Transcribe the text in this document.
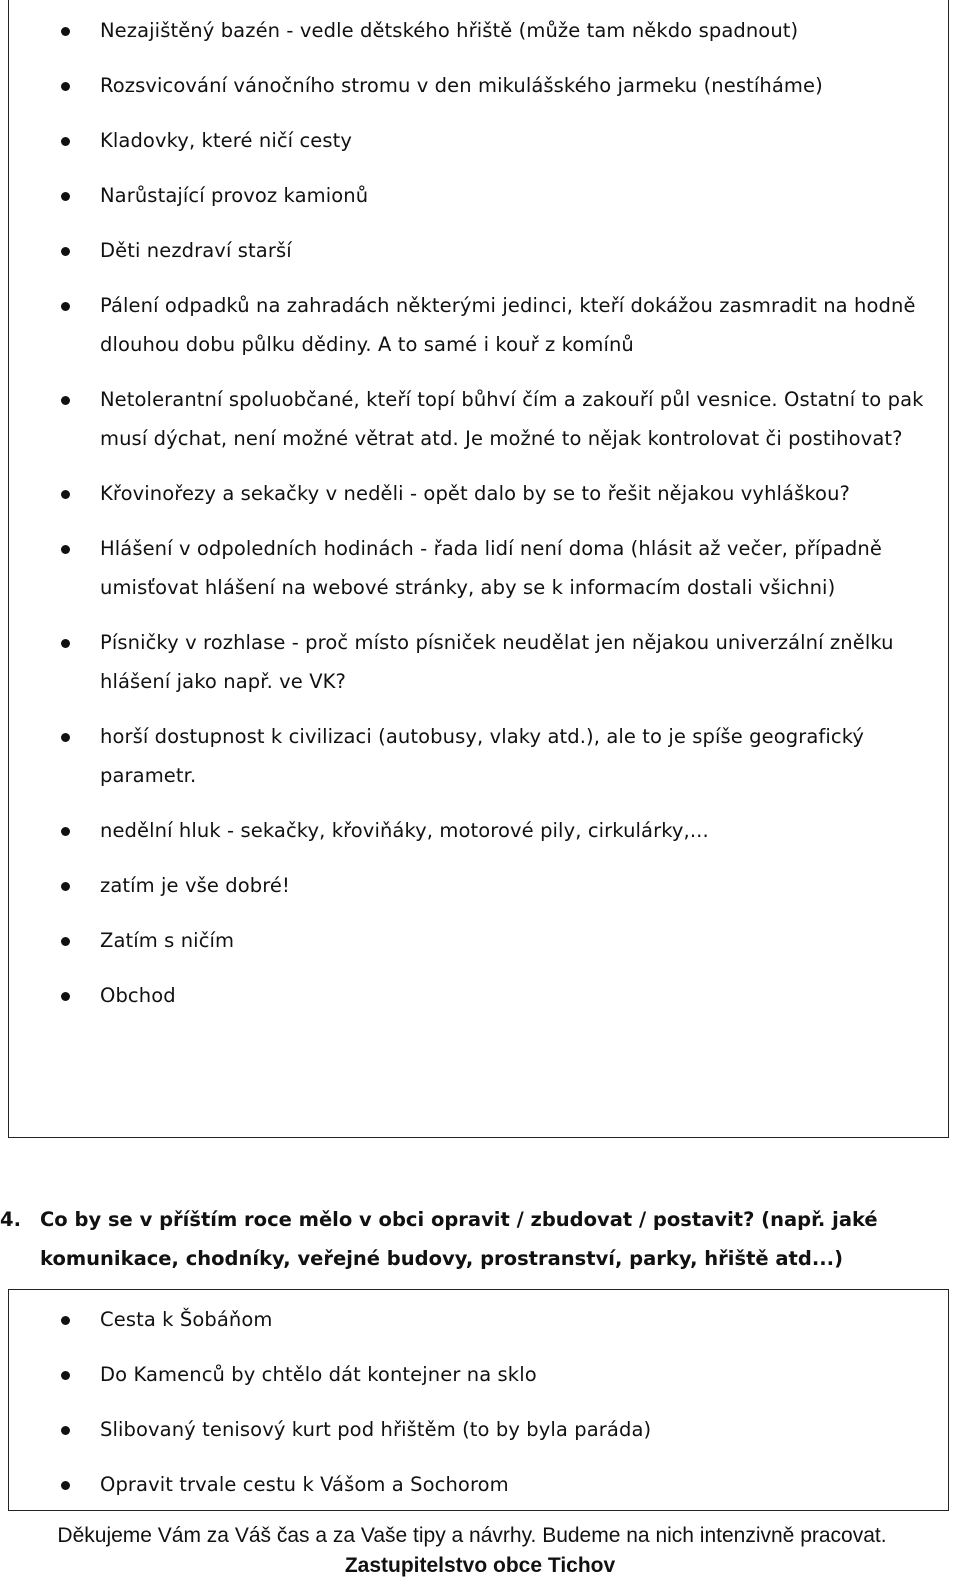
Nezajištěný bazén - vedle dětského hřiště (může tam někdo spadnout)
Rozsvicování vánočního stromu v den mikulášského jarmeku (nestíháme)
Kladovky, které ničí cesty
Narůstající provoz kamionů
Děti nezdraví starší
Pálení odpadků na zahradách některými jedinci, kteří dokážou zasmradit na hodně dlouhou dobu půlku dědiny. A to samé i kouř z komínů
Netolerantní spoluobčané, kteří topí bůhví čím a zakouří půl vesnice. Ostatní to pak musí dýchat, není možné větrat atd. Je možné to nějak kontrolovat či postihovat?
Křovinořezy a sekačky v neděli - opět dalo by se to řešit nějakou vyhláškou?
Hlášení v odpoledních hodinách - řada lidí není doma (hlásit až večer, případně umisťovat hlášení na webové stránky, aby se k informacím dostali všichni)
Písničky v rozhlase - proč místo písniček neudělat jen nějakou univerzální znělku hlášení jako např. ve VK?
horší dostupnost k civilizaci (autobusy, vlaky atd.), ale to je spíše geografický parametr.
nedělní hluk - sekačky, křoviňáky, motorové pily, cirkulárky,...
zatím je vše dobré!
Zatím s ničím
Obchod
4. Co by se v příštím roce mělo v obci opravit / zbudovat / postavit? (např. jaké komunikace, chodníky, veřejné budovy, prostranství, parky, hřiště atd...)
Cesta k Šobáňom
Do Kamenců by chtělo dát kontejner na sklo
Slibovaný tenisový kurt pod hřištěm (to by byla paráda)
Opravit trvale cestu k Vášom a Sochorom
Děkujeme Vám za Váš čas a za Vaše tipy a návrhy. Budeme na nich intenzivně pracovat.
Zastupitelstvo obce Tichov
